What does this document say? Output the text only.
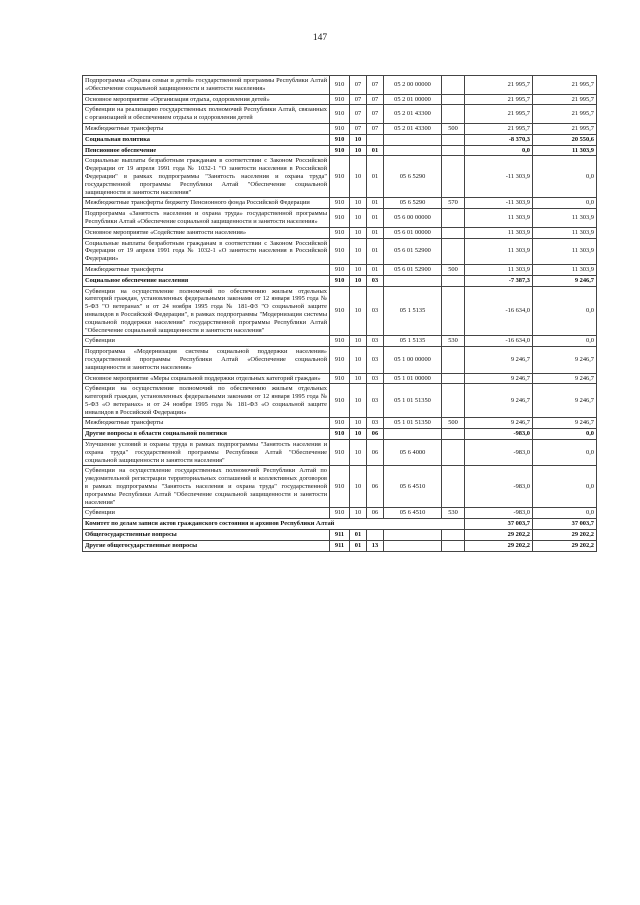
147
Подпрограмма «Охрана семьи и детей» государственной программы Республики Алтай «Обеспечение социальной защищенности и занятости населения»	910	07	07	05 2 00 00000		21 995,7	21 995,7
Основное мероприятие «Организация отдыха, оздоровления детей»	910	07	07	05 2 01 00000		21 995,7	21 995,7
Субвенции на реализацию государственных полномочий Республики Алтай, связанных с организацией и обеспечением отдыха и оздоровления детей	910	07	07	05 2 01 43300		21 995,7	21 995,7
Межбюджетные трансферты	910	07	07	05 2 01 43300	500	21 995,7	21 995,7
Социальная политика	910	10				-8 370,3	20 550,6
Пенсионное обеспечение	910	10	01			0,0	11 303,9
Социальные выплаты безработным гражданам в соответствии с Законом Российской Федерации от 19 апреля 1991 года № 1032-1 "О занятости населения в Российской Федерации" в рамках подпрограммы "Занятость населения и охрана труда" государственной программы Республики Алтай "Обеспечение социальной защищенности и занятости населения"	910	10	01	05 6 5290		-11 303,9	0,0
Межбюджетные трансферты бюджету Пенсионного фонда Российской Федерации	910	10	01	05 6 5290	570	-11 303,9	0,0
Подпрограмма «Занятость населения и охрана труда» государственной программы Республики Алтай «Обеспечение социальной защищенности и занятости населения»	910	10	01	05 6 00 00000		11 303,9	11 303,9
Основное мероприятие «Содействие занятости населения»	910	10	01	05 6 01 00000		11 303,9	11 303,9
Социальные выплаты безработным гражданам в соответствии с Законом Российской Федерации от 19 апреля 1991 года № 1032-1 «О занятости населения в Российской Федерации»	910	10	01	05 6 01 52900		11 303,9	11 303,9
Межбюджетные трансферты	910	10	01	05 6 01 52900	500	11 303,9	11 303,9
Социальное обеспечение населения	910	10	03			-7 387,3	9 246,7
Субвенции на осуществление полномочий по обеспечению жильем отдельных категорий граждан, установленных федеральными законами от 12 января 1995 года № 5-ФЗ "О ветеранах" и от 24 ноября 1995 года № 181-ФЗ "О социальной защите инвалидов в Российской Федерации", в рамках подпрограммы "Модернизация системы социальной поддержки населения" государственной программы Республики Алтай "Обеспечение социальной защищенности и занятости населения"	910	10	03	05 1 5135		-16 634,0	0,0
Субвенции	910	10	03	05 1 5135	530	-16 634,0	0,0
Подпрограмма «Модернизация системы социальной поддержки населения» государственной программы Республики Алтай «Обеспечение социальной защищенности и занятости населения»	910	10	03	05 1 00 00000		9 246,7	9 246,7
Основное мероприятие «Меры социальной поддержки отдельных категорий граждан»	910	10	03	05 1 01 00000		9 246,7	9 246,7
Субвенции на осуществление полномочий по обеспечению жильем отдельных категорий граждан, установленных федеральными законами от 12 января 1995 года № 5-ФЗ «О ветеранах» и от 24 ноября 1995 года № 181-ФЗ «О социальной защите инвалидов в Российской Федерации»	910	10	03	05 1 01 51350		9 246,7	9 246,7
Межбюджетные трансферты	910	10	03	05 1 01 51350	500	9 246,7	9 246,7
Другие вопросы в области социальной политики	910	10	06			-983,0	0,0
Улучшение условий и охраны труда в рамках подпрограммы "Занятость населения и охрана труда" государственной программы Республики Алтай "Обеспечение социальной защищенности и занятости населения"	910	10	06	05 6 4000		-983,0	0,0
Субвенции на осуществление государственных полномочий Республики Алтай по уведомительной регистрации территориальных соглашений и коллективных договоров в рамках подпрограммы "Занятость населения и охрана труда" государственной программы Республики Алтай "Обеспечение социальной защищенности и занятости населения"	910	10	06	05 6 4510		-983,0	0,0
Субвенции	910	10	06	05 6 4510	530	-983,0	0,0
Комитет по делам записи актов гражданского состояния и архивов Республики Алтай						37 003,7	37 003,7
Общегосударственные вопросы	911	01				29 202,2	29 202,2
Другие общегосударственные вопросы	911	01	13			29 202,2	29 202,2
